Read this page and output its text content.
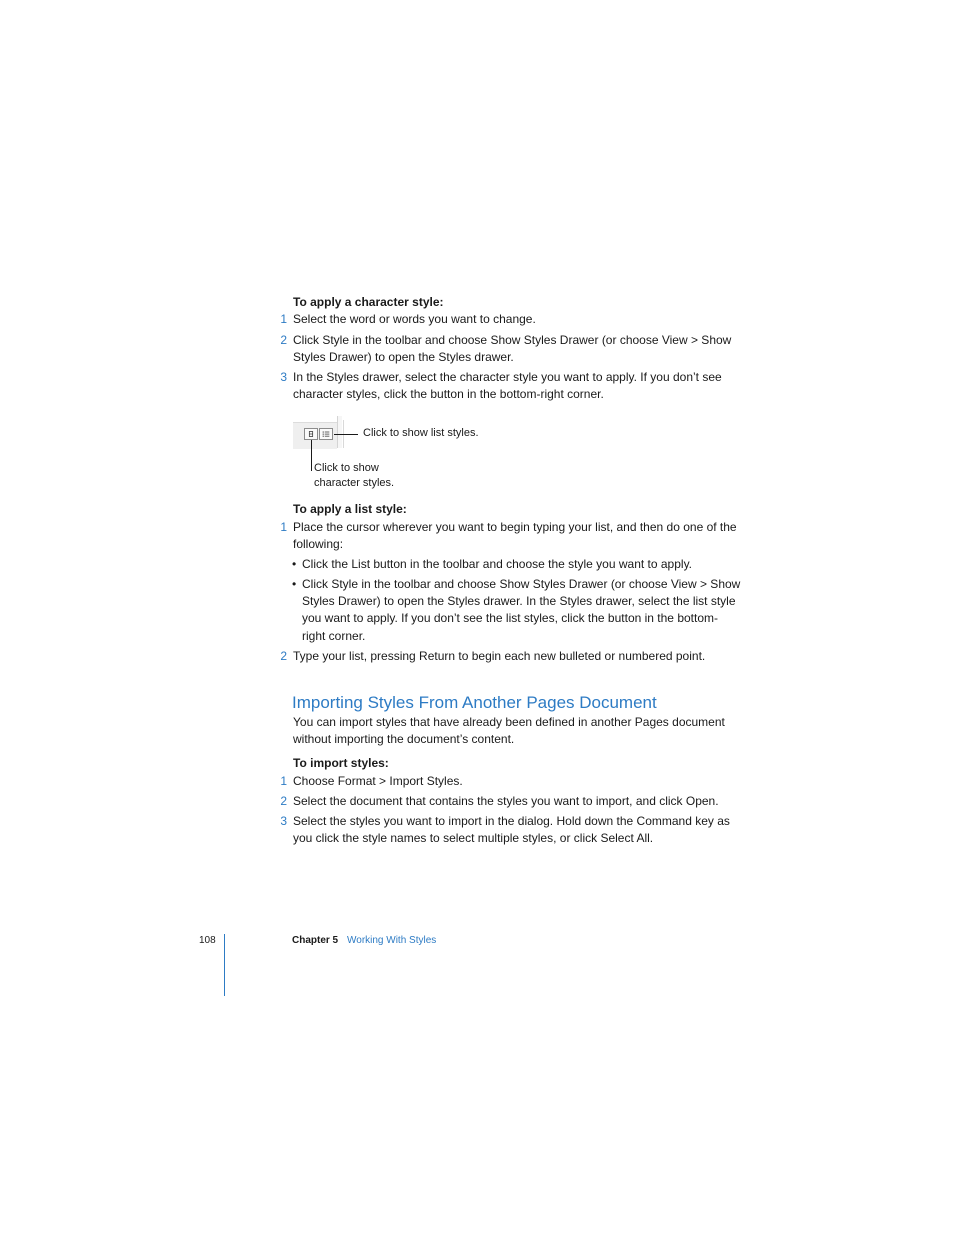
To apply a character style:
1 Select the word or words you want to change.
2 Click Style in the toolbar and choose Show Styles Drawer (or choose View > Show
Styles Drawer) to open the Styles drawer.
3 In the Styles drawer, select the character style you want to apply. If you don’t see
character styles, click the button in the bottom-right corner.
Click to show list styles.
Click to show
character styles.
To apply a list style:
1 Place the cursor wherever you want to begin typing your list, and then do one of the
following:
• Click the List button in the toolbar and choose the style you want to apply.
• Click Style in the toolbar and choose Show Styles Drawer (or choose View > Show
Styles Drawer) to open the Styles drawer. In the Styles drawer, select the list style
you want to apply. If you don’t see the list styles, click the button in the bottom-
right corner.
2 Type your list, pressing Return to begin each new bulleted or numbered point.
Importing Styles From Another Pages Document
You can import styles that have already been defined in another Pages document
without importing the document’s content.
To import styles:
1 Choose Format > Import Styles.
2 Select the document that contains the styles you want to import, and click Open.
3 Select the styles you want to import in the dialog. Hold down the Command key as
you click the style names to select multiple styles, or click Select All.
108	Chapter 5 Working With Styles
